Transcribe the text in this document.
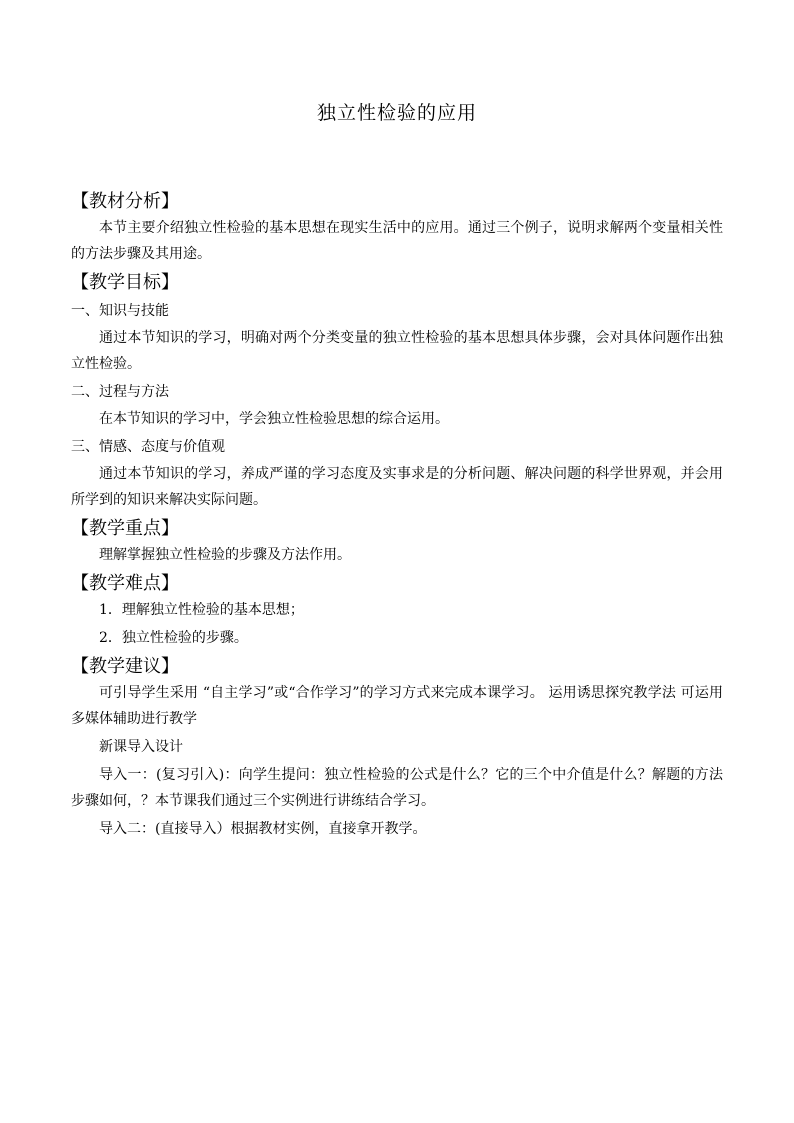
独立性检验的应用
【教材分析】

本节主要介绍独立性检验的基本思想在现实生活中的应用。通过三个例子，说明求解两个变量相关性的方法步骤及其用途。

【教学目标】
一、知识与技能

通过本节知识的学习，明确对两个分类变量的独立性检验的基本思想具体步骤，会对具体问题作出独立性检验。

二、过程与方法

在本节知识的学习中，学会独立性检验思想的综合运用。

三、情感、态度与价值观

通过本节知识的学习，养成严谨的学习态度及实事求是的分析问题、解决问题的科学世界观，并会用所学到的知识来解决实际问题。

【教学重点】

理解掌握独立性检验的步骤及方法作用。

【教学难点】
1．理解独立性检验的基本思想；
2．独立性检验的步骤。
【教学建议】

可引导学生采用 “自主学习”或“合作学习”的学习方式来完成本课学习。 运用诱思探究教学法 可运用多媒体辅助进行教学

新课导入设计

导入一：(复习引入)：向学生提问：独立性检验的公式是什么？它的三个中介值是什么？解题的方法步骤如何，？本节课我们通过三个实例进行讲练结合学习。

导入二：(直接导入）根据教材实例，直接拿开教学。
